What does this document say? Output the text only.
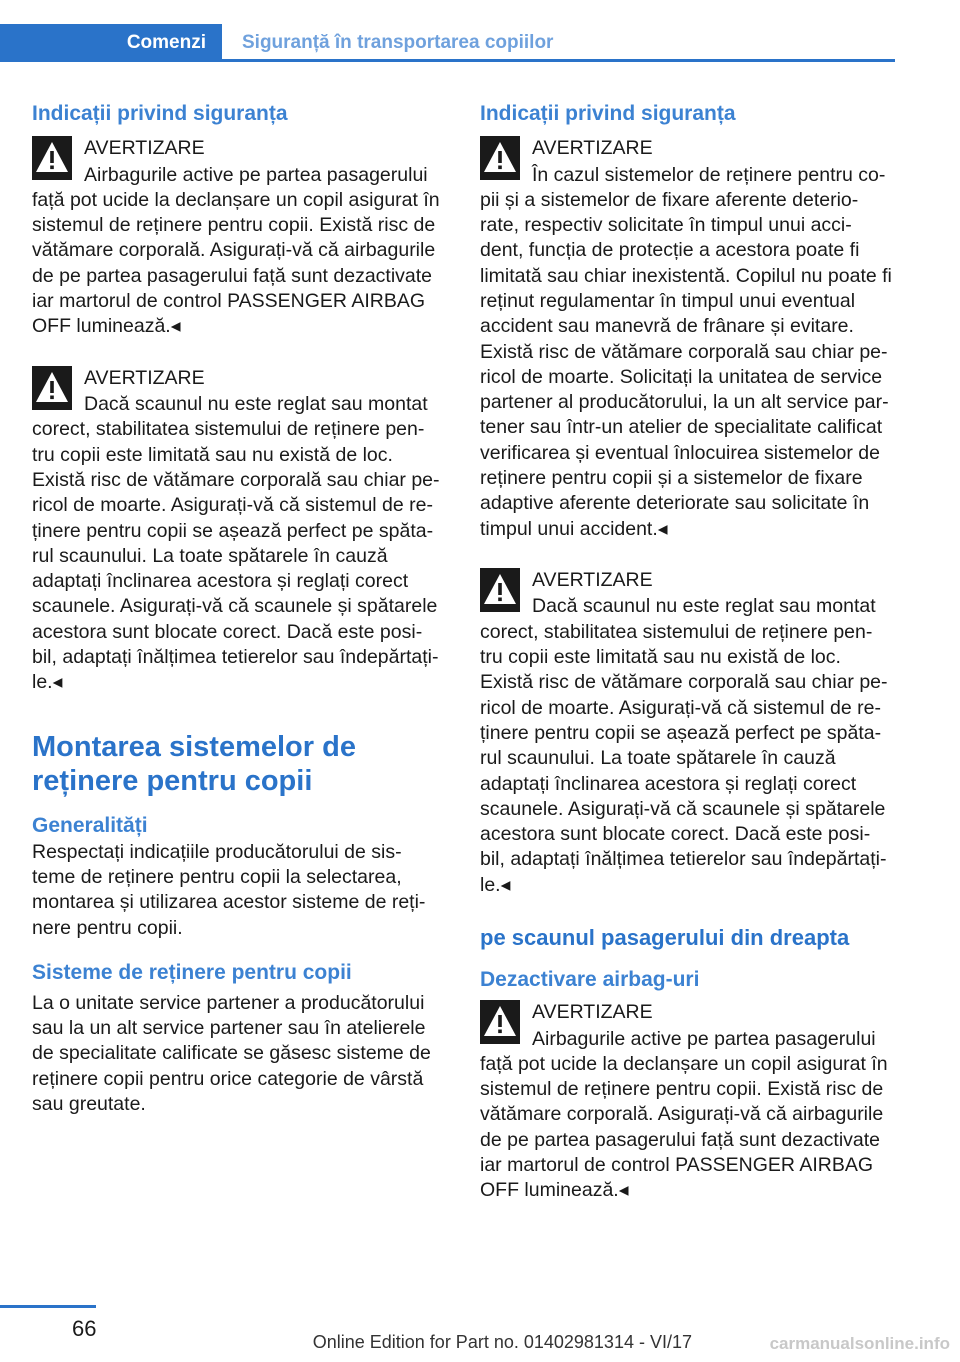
Comenzi Siguranță în transportarea copiilor
Indicații privind siguranța
AVERTIZARE

Airbagurile active pe partea pasagerului față pot ucide la declanșare un copil asigurat în sistemul de reținere pentru copii. Există risc de vătămare corporală. Asigurați-vă că airbagurile de pe partea pasagerului față sunt dezactivate iar martorul de control PASSENGER AIRBAG OFF luminează.◂

AVERTIZARE

Dacă scaunul nu este reglat sau montat corect, stabilitatea sistemului de reținere pen- tru copii este limitată sau nu există de loc. Există risc de vătămare corporală sau chiar pe- ricol de moarte. Asigurați-vă că sistemul de re- ținere pentru copii se așează perfect pe spăta- rul scaunului. La toate spătarele în cauză adaptați înclinarea acestora și reglați corect scaunele. Asigurați-vă că scaunele și spătarele acestora sunt blocate corect. Dacă este posi- bil, adaptați înălțimea tetierelor sau îndepărtați- le.◂

Montarea sistemelor de reținere pentru copii
Generalități

Respectați indicațiile producătorului de sis- teme de reținere pentru copii la selectarea, montarea și utilizarea acestor sisteme de reți- nere pentru copii.

Sisteme de reținere pentru copii

La o unitate service partener a producătorului sau la un alt service partener sau în atelierele de specialitate calificate se găsesc sisteme de reținere copii pentru orice categorie de vârstă sau greutate.

Indicații privind siguranța
AVERTIZARE

În cazul sistemelor de reținere pentru co- pii și a sistemelor de fixare aferente deterio- rate, respectiv solicitate în timpul unui acci- dent, funcția de protecție a acestora poate fi limitată sau chiar inexistentă. Copilul nu poate fi reținut regulamentar în timpul unui eventual accident sau manevră de frânare și evitare. Există risc de vătămare corporală sau chiar pe- ricol de moarte. Solicitați la unitatea de service partener al producătorului, la un alt service par- tener sau într-un atelier de specialitate calificat verificarea și eventual înlocuirea sistemelor de reținere pentru copii și a sistemelor de fixare adaptive aferente deteriorate sau solicitate în timpul unui accident.◂

AVERTIZARE

Dacă scaunul nu este reglat sau montat corect, stabilitatea sistemului de reținere pen- tru copii este limitată sau nu există de loc. Există risc de vătămare corporală sau chiar pe- ricol de moarte. Asigurați-vă că sistemul de re- ținere pentru copii se așează perfect pe spăta- rul scaunului. La toate spătarele în cauză adaptați înclinarea acestora și reglați corect scaunele. Asigurați-vă că scaunele și spătarele acestora sunt blocate corect. Dacă este posi- bil, adaptați înălțimea tetierelor sau îndepărtați- le.◂

pe scaunul pasagerului din dreapta
Dezactivare airbag-uri
AVERTIZARE

Airbagurile active pe partea pasagerului față pot ucide la declanșare un copil asigurat în sistemul de reținere pentru copii. Există risc de vătămare corporală. Asigurați-vă că airbagurile de pe partea pasagerului față sunt dezactivate iar martorul de control PASSENGER AIRBAG OFF luminează.◂

66
Online Edition for Part no. 01402981314 - VI/17	carmanualsonline.info
